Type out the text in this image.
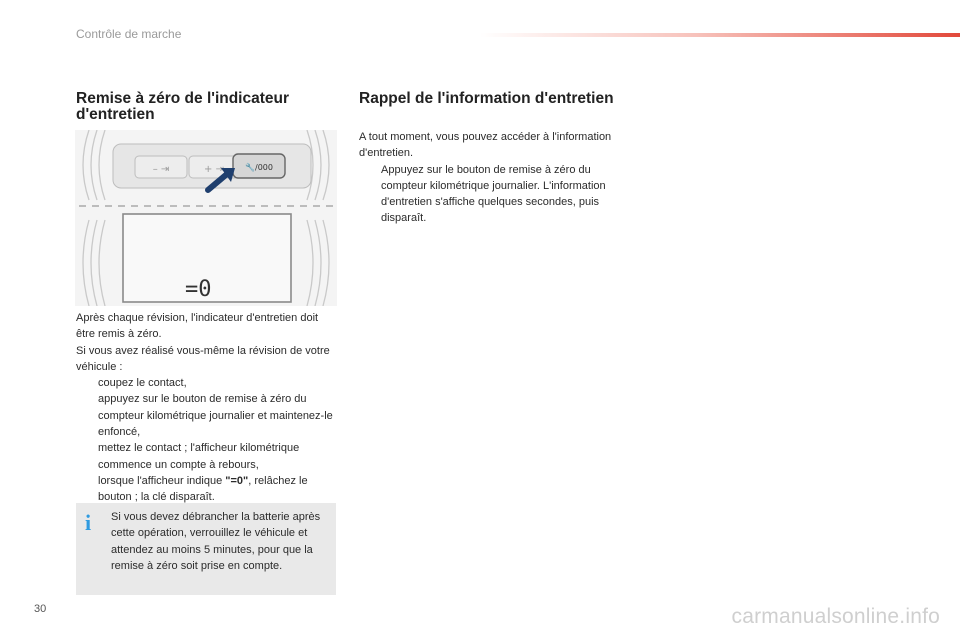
Contrôle de marche
Remise à zéro de l'indicateur d'entretien
– ⇥	+ ⇥	🔧/000
=0
Après chaque révision, l'indicateur d'entretien doit être remis à zéro.
Si vous avez réalisé vous-même la révision de votre véhicule :
coupez le contact,
appuyez sur le bouton de remise à zéro du compteur kilométrique journalier et maintenez-le enfoncé,
mettez le contact ; l'afficheur kilométrique commence un compte à rebours,
lorsque l'afficheur indique "=0", relâchez le bouton ; la clé disparaît.
i	Si vous devez débrancher la batterie après cette opération, verrouillez le véhicule et attendez au moins 5 minutes, pour que la remise à zéro soit prise en compte.
Rappel de l'information d'entretien
A tout moment, vous pouvez accéder à l'information d'entretien.
Appuyez sur le bouton de remise à zéro du compteur kilométrique journalier. L'information d'entretien s'affiche quelques secondes, puis disparaît.
30	carmanualsonline.info
